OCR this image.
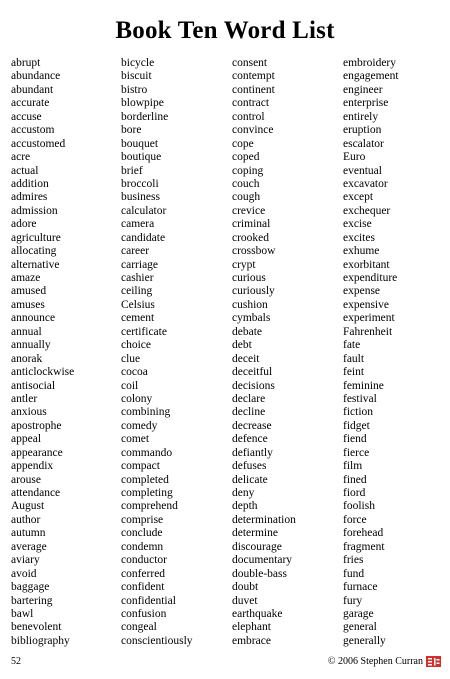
Book Ten Word List
abrupt
abundance
abundant
accurate
accuse
accustom
accustomed
acre
actual
addition
admires
admission
adore
agriculture
allocating
alternative
amaze
amused
amuses
announce
annual
annually
anorak
anticlockwise
antisocial
antler
anxious
apostrophe
appeal
appearance
appendix
arouse
attendance
August
author
autumn
average
aviary
avoid
baggage
bartering
bawl
benevolent
bibliography
bicycle
biscuit
bistro
blowpipe
borderline
bore
bouquet
boutique
brief
broccoli
business
calculator
camera
candidate
career
carriage
cashier
ceiling
Celsius
cement
certificate
choice
clue
cocoa
coil
colony
combining
comedy
comet
commando
compact
completed
completing
comprehend
comprise
conclude
condemn
conductor
conferred
confident
confidential
confusion
congeal
conscientiously
consent
contempt
continent
contract
control
convince
cope
coped
coping
couch
cough
crevice
criminal
crooked
crossbow
crypt
curious
curiously
cushion
cymbals
debate
debt
deceit
deceitful
decisions
declare
decline
decrease
defence
defiantly
defuses
delicate
deny
depth
determination
determine
discourage
documentary
double-bass
doubt
duvet
earthquake
elephant
embrace
embroidery
engagement
engineer
enterprise
entirely
eruption
escalator
Euro
eventual
excavator
except
exchequer
excise
excites
exhume
exorbitant
expenditure
expense
expensive
experiment
Fahrenheit
fate
fault
feint
feminine
festival
fiction
fidget
fiend
fierce
film
fined
fiord
foolish
force
forehead
fragment
fries
fund
furnace
fury
garage
general
generally
52	© 2006 Stephen Curran
